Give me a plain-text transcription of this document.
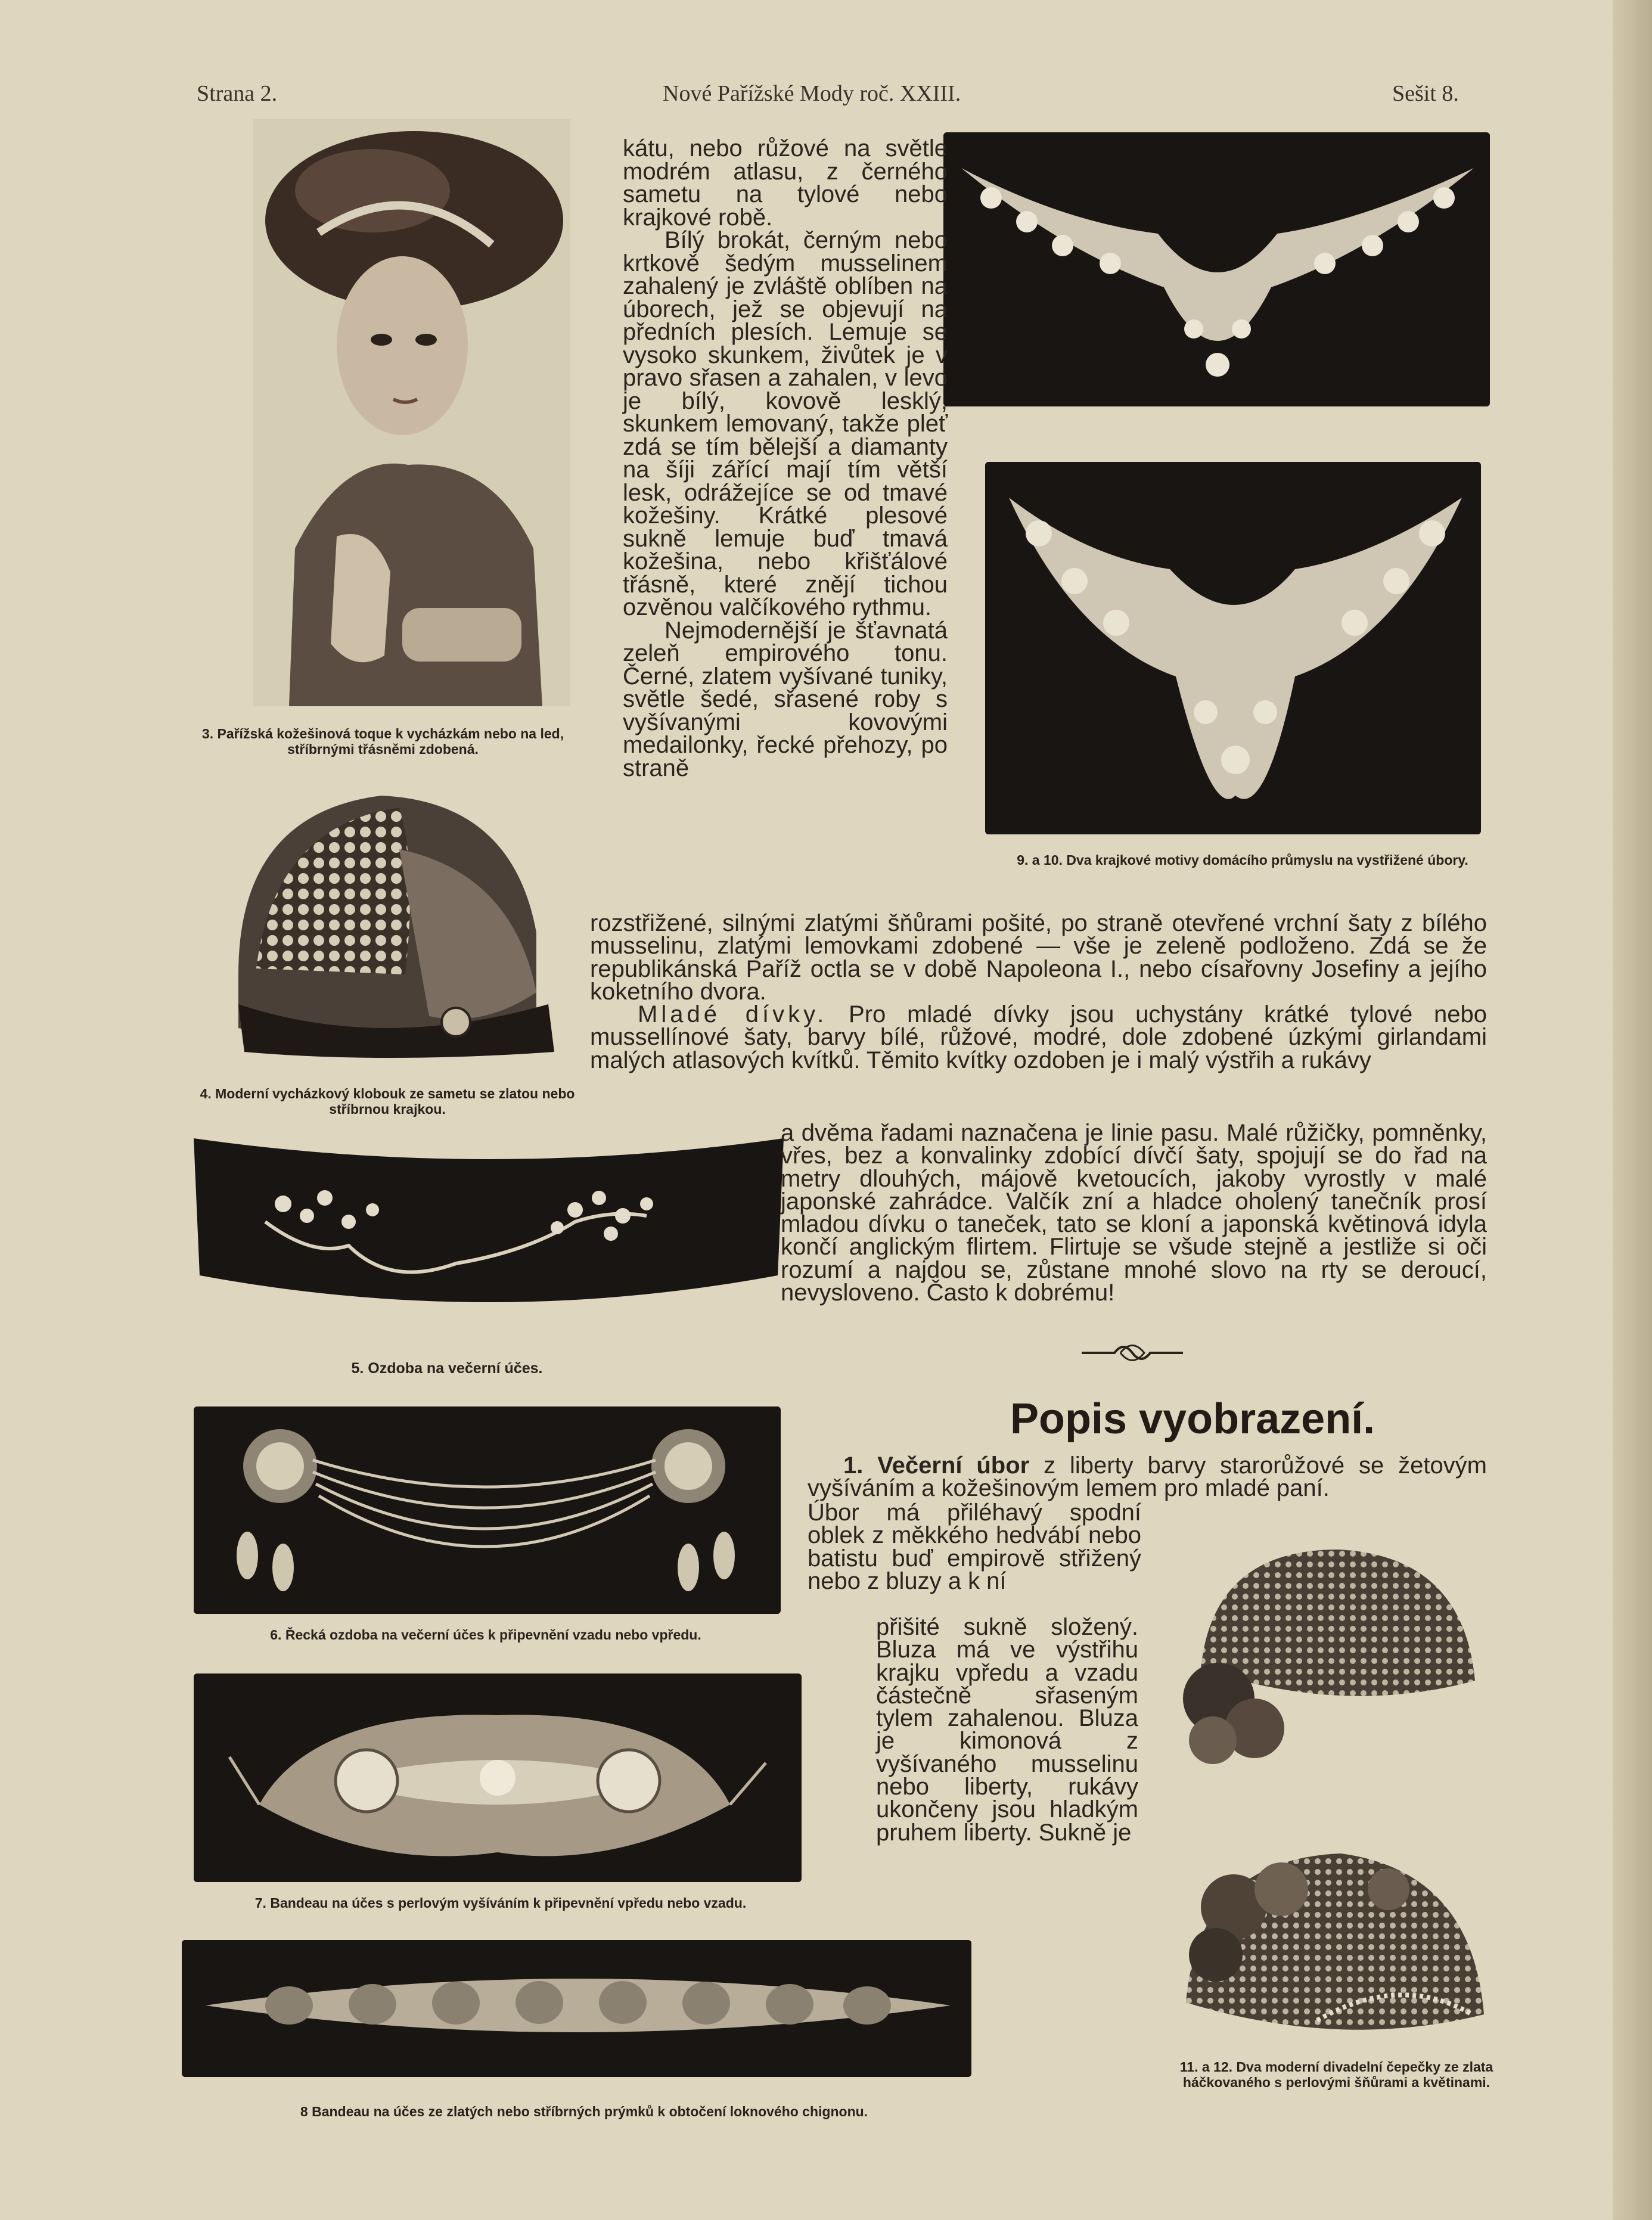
Strana 2.	Nové Pařížské Mody roč. XXIII.	Sešit 8.
3. Pařížská kožešinová toque k vycházkám nebo na led, stříbrnými třásněmi zdobená.
4. Moderní vycházkový klobouk ze sametu se zlatou nebo stříbrnou krajkou.
5. Ozdoba na večerní účes.
6. Řecká ozdoba na večerní účes k připevnění vzadu nebo vpředu.
7. Bandeau na účes s perlovým vyšíváním k připevnění vpředu nebo vzadu.
8 Bandeau na účes ze zlatých nebo stříbrných prýmků k obtočení loknového chignonu.
9. a 10. Dva krajkové motivy domácího průmyslu na vystřižené úbory.
11. a 12. Dva moderní divadelní čepečky ze zlata háčkovaného s perlovými šňůrami a květinami.

kátu, nebo růžové na světle modrém atlasu, z černého sametu na tylové nebo krajkové robě.

Bílý brokát, černým nebo krtkově šedým musselinem zahalený je zvláště oblíben na úborech, jež se objevují na předních plesích. Lemuje se vysoko skunkem, živůtek je v pravo sřasen a zahalen, v levo je bílý, kovově lesklý, skunkem lemovaný, takže pleť zdá se tím bělejší a diamanty na šíji zářící mají tím větší lesk, odrážejíce se od tmavé kožešiny. Krátké plesové sukně lemuje buď tmavá kožešina, nebo křišťálové třásně, které znějí tichou ozvěnou valčíkového rythmu.

Nejmodernější je šťavnatá zeleň empirového tonu. Černé, zlatem vyšívané tuniky, světle šedé, sřasené roby s vyšívanými kovovými medailonky, řecké přehozy, po straně

rozstřižené, silnými zlatými šňůrami pošité, po straně otevřené vrchní šaty z bílého musselinu, zlatými lemovkami zdobené — vše je zeleně podloženo. Zdá se že republikánská Paříž octla se v době Napoleona I., nebo císařovny Josefiny a jejího koketního dvora.

Mladé dívky. Pro mladé dívky jsou uchystány krátké tylové nebo mussellínové šaty, barvy bílé, růžové, modré, dole zdobené úzkými girlandami malých atlasových kvítků. Těmito kvítky ozdoben je i malý výstřih a rukávy

a dvěma řadami naznačena je linie pasu. Malé růžičky, pomněnky, vřes, bez a konvalinky zdobící dívčí šaty, spojují se do řad na metry dlouhých, májově kvetoucích, jakoby vyrostly v malé japonské zahrádce. Valčík zní a hladce oholený tanečník prosí mladou dívku o taneček, tato se kloní a japonská květinová idyla končí anglickým flirtem. Flirtuje se všude stejně a jestliže si oči rozumí a najdou se, zůstane mnohé slovo na rty se deroucí, nevysloveno. Často k dobrému!

Popis vyobrazení.

1. Večerní úbor z liberty barvy starorůžové se žetovým vyšíváním a kožešinovým lemem pro mladé paní.

Úbor má přiléhavý spodní oblek z měkkého hedvábí nebo batistu buď empirově střižený nebo z bluzy a k ní

přišité sukně složený. Bluza má ve výstřihu krajku vpředu a vzadu částečně sřaseným tylem zahalenou. Bluza je kimonová z vyšívaného musselinu nebo liberty, rukávy ukončeny jsou hladkým pruhem liberty. Sukně je
